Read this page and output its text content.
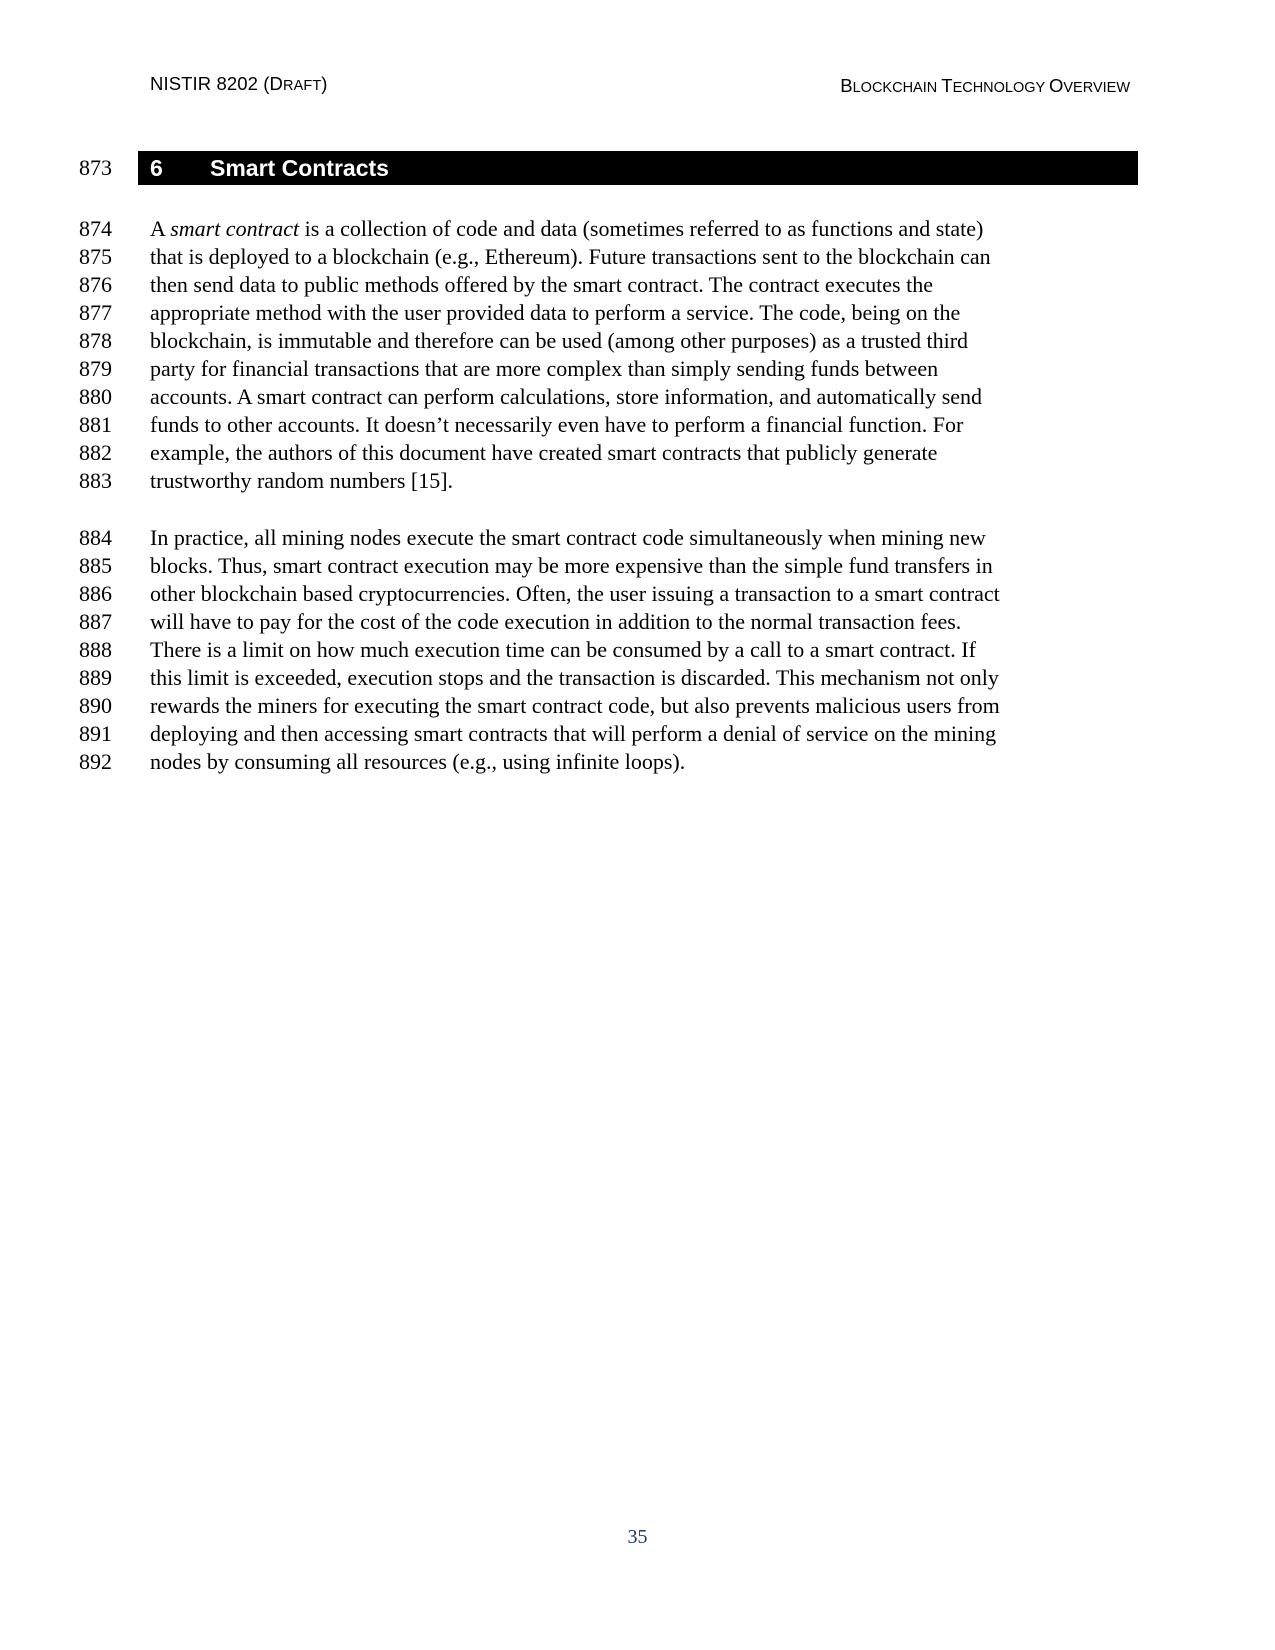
NISTIR 8202 (DRAFT)	BLOCKCHAIN TECHNOLOGY OVERVIEW
873 6 Smart Contracts
874
875
876
877
878
879
880
881
882
883
A smart contract is a collection of code and data (sometimes referred to as functions and state)
that is deployed to a blockchain (e.g., Ethereum). Future transactions sent to the blockchain can
then send data to public methods offered by the smart contract. The contract executes the
appropriate method with the user provided data to perform a service. The code, being on the
blockchain, is immutable and therefore can be used (among other purposes) as a trusted third
party for financial transactions that are more complex than simply sending funds between
accounts. A smart contract can perform calculations, store information, and automatically send
funds to other accounts. It doesn’t necessarily even have to perform a financial function. For
example, the authors of this document have created smart contracts that publicly generate
trustworthy random numbers [15].
884
885
886
887
888
889
890
891
892
In practice, all mining nodes execute the smart contract code simultaneously when mining new
blocks. Thus, smart contract execution may be more expensive than the simple fund transfers in
other blockchain based cryptocurrencies. Often, the user issuing a transaction to a smart contract
will have to pay for the cost of the code execution in addition to the normal transaction fees.
There is a limit on how much execution time can be consumed by a call to a smart contract. If
this limit is exceeded, execution stops and the transaction is discarded. This mechanism not only
rewards the miners for executing the smart contract code, but also prevents malicious users from
deploying and then accessing smart contracts that will perform a denial of service on the mining
nodes by consuming all resources (e.g., using infinite loops).
35
